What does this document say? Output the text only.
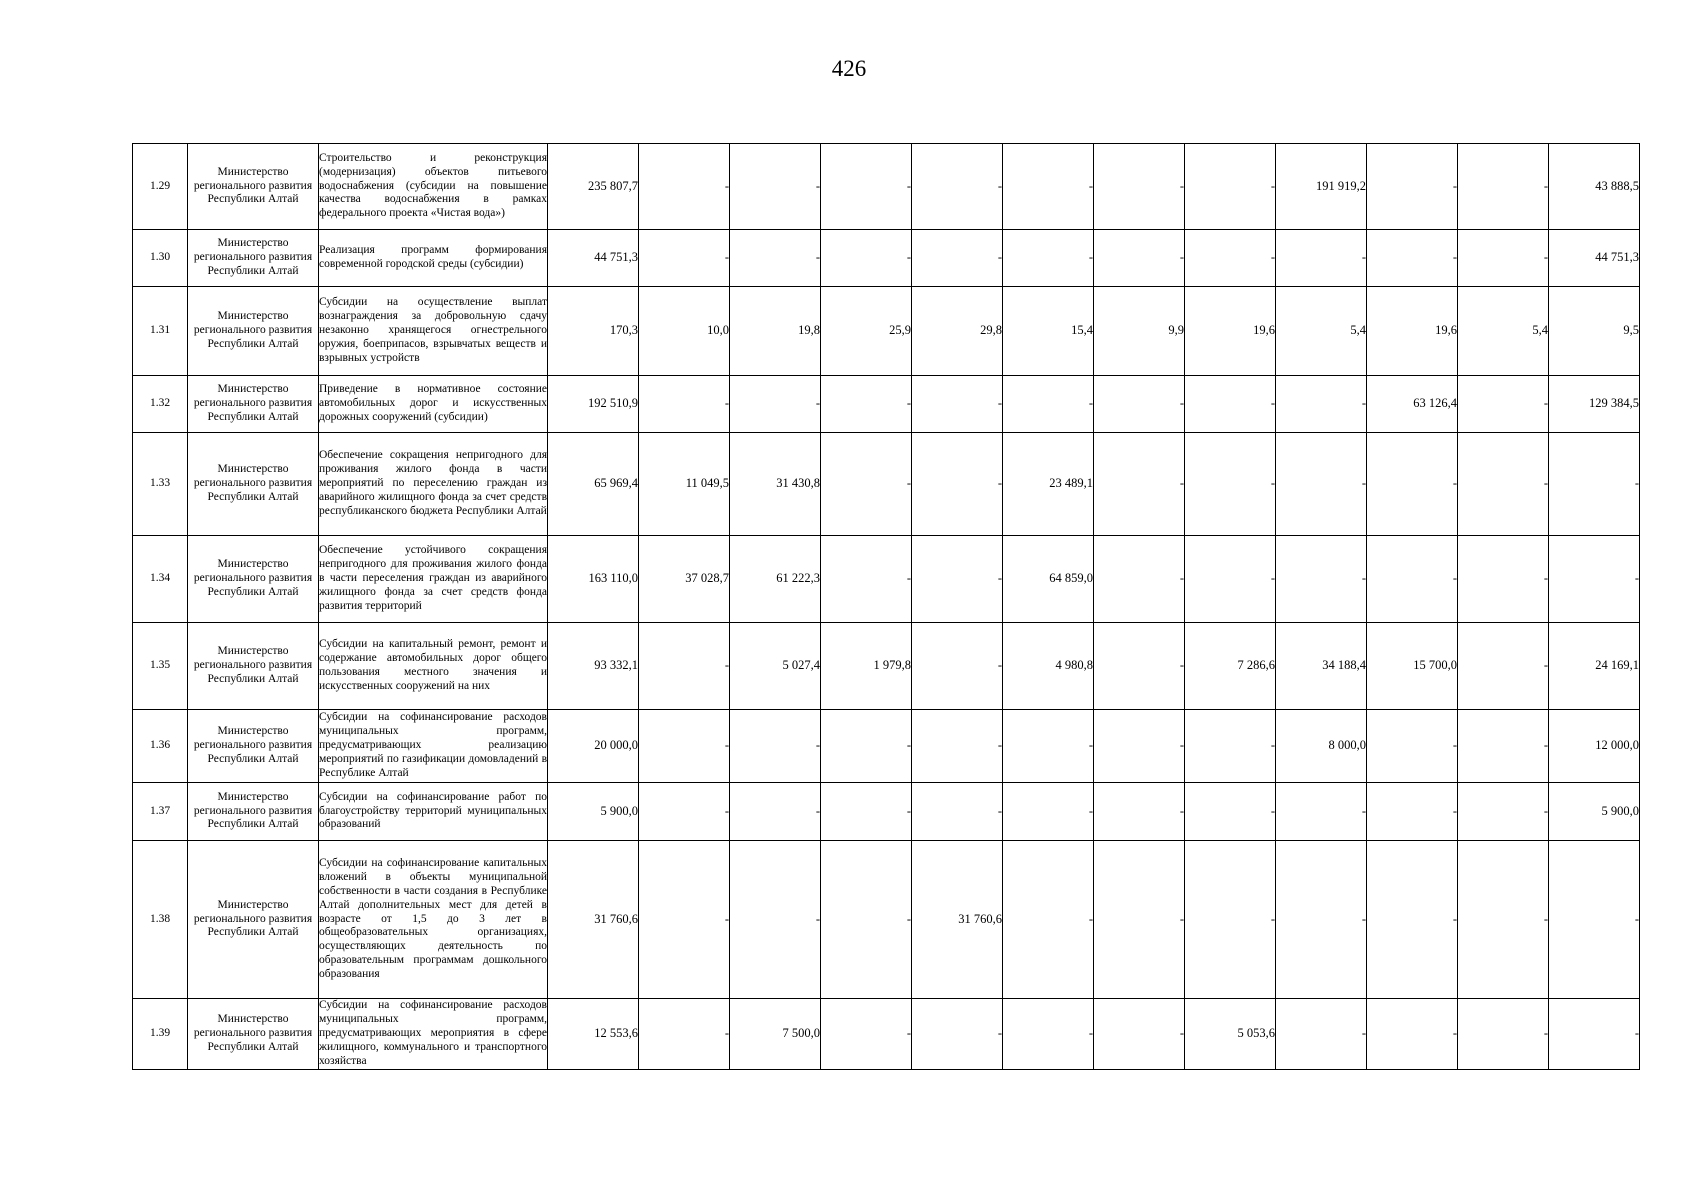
426
1.29	Министерство регионального развития Республики Алтай	Строительство и реконструкция (модернизация) объектов питьевого водоснабжения (субсидии на повышение качества водоснабжения в рамках федерального проекта «Чистая вода»)	235 807,7	-	-	-	-	-	-	-	191 919,2	-	-	43 888,5
1.30	Министерство регионального развития Республики Алтай	Реализация программ формирования современной городской среды (субсидии)	44 751,3	-	-	-	-	-	-	-	-	-	-	44 751,3
1.31	Министерство регионального развития Республики Алтай	Субсидии на осуществление выплат вознаграждения за добровольную сдачу незаконно хранящегося огнестрельного оружия, боеприпасов, взрывчатых веществ и взрывных устройств	170,3	10,0	19,8	25,9	29,8	15,4	9,9	19,6	5,4	19,6	5,4	9,5
1.32	Министерство регионального развития Республики Алтай	Приведение в нормативное состояние автомобильных дорог и искусственных дорожных сооружений (субсидии)	192 510,9	-	-	-	-	-	-	-	-	63 126,4	-	129 384,5
1.33	Министерство регионального развития Республики Алтай	Обеспечение сокращения непригодного для проживания жилого фонда в части мероприятий по переселению граждан из аварийного жилищного фонда за счет средств республиканского бюджета Республики Алтай	65 969,4	11 049,5	31 430,8	-	-	23 489,1	-	-	-	-	-	-
1.34	Министерство регионального развития Республики Алтай	Обеспечение устойчивого сокращения непригодного для проживания жилого фонда в части переселения граждан из аварийного жилищного фонда за счет средств фонда развития территорий	163 110,0	37 028,7	61 222,3	-	-	64 859,0	-	-	-	-	-	-
1.35	Министерство регионального развития Республики Алтай	Субсидии на капитальный ремонт, ремонт и содержание автомобильных дорог общего пользования местного значения и искусственных сооружений на них	93 332,1	-	5 027,4	1 979,8	-	4 980,8	-	7 286,6	34 188,4	15 700,0	-	24 169,1
1.36	Министерство регионального развития Республики Алтай	Субсидии на софинансирование расходов муниципальных программ, предусматривающих реализацию мероприятий по газификации домовладений в Республике Алтай	20 000,0	-	-	-	-	-	-	-	8 000,0	-	-	12 000,0
1.37	Министерство регионального развития Республики Алтай	Субсидии на софинансирование работ по благоустройству территорий муниципальных образований	5 900,0	-	-	-	-	-	-	-	-	-	-	5 900,0
1.38	Министерство регионального развития Республики Алтай	Субсидии на софинансирование капитальных вложений в объекты муниципальной собственности в части создания в Республике Алтай дополнительных мест для детей в возрасте от 1,5 до 3 лет в общеобразовательных организациях, осуществляющих деятельность по образовательным программам дошкольного образования	31 760,6	-	-	-	31 760,6	-	-	-	-	-	-	-
1.39	Министерство регионального развития Республики Алтай	Субсидии на софинансирование расходов муниципальных программ, предусматривающих мероприятия в сфере жилищного, коммунального и транспортного хозяйства	12 553,6	-	7 500,0	-	-	-	-	5 053,6	-	-	-	-
